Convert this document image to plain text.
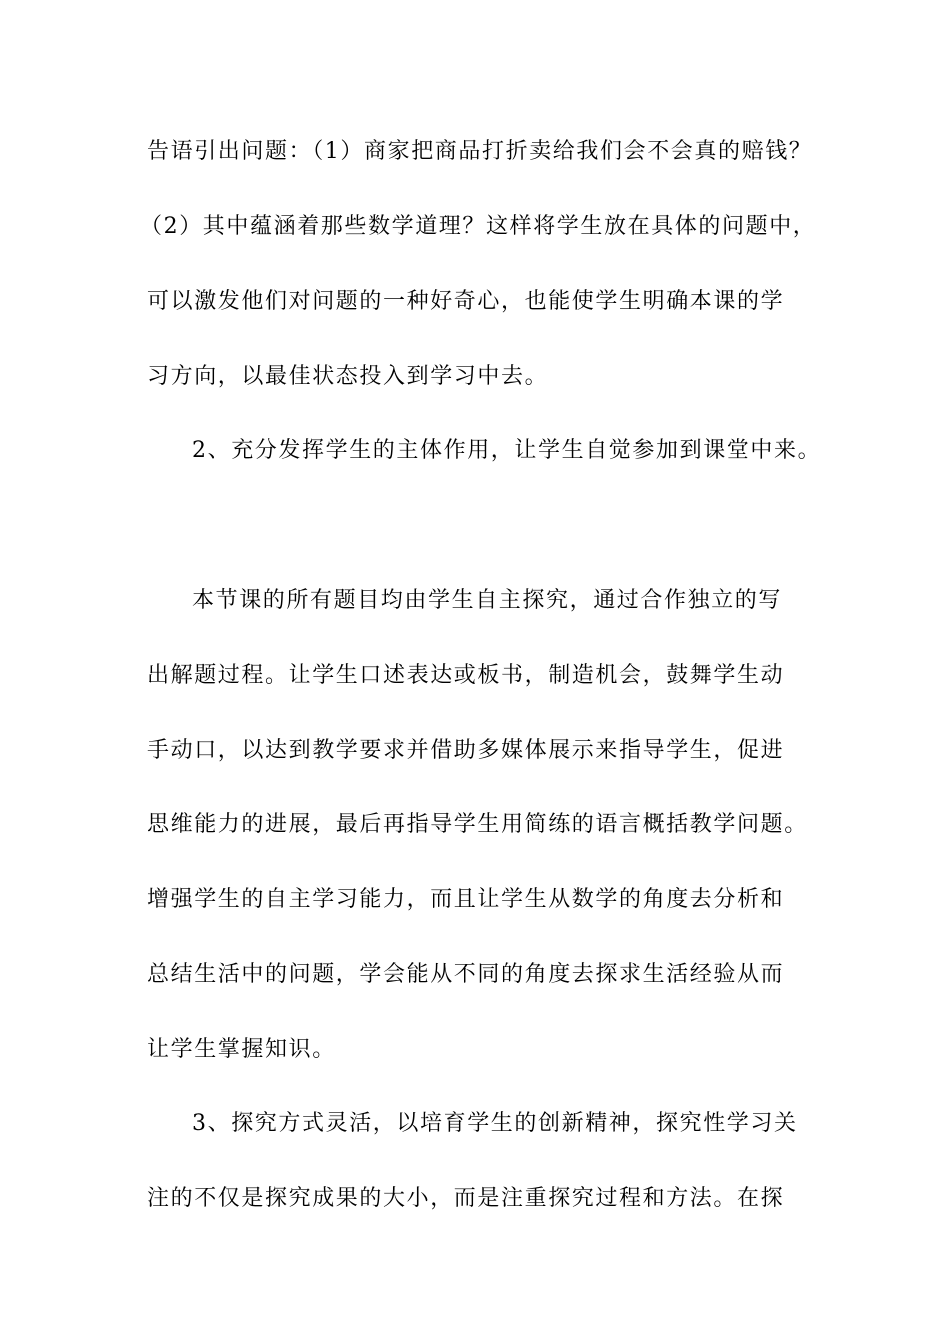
告语引出问题：（1）商家把商品打折卖给我们会不会真的赔钱？
（2）其中蕴涵着那些数学道理？这样将学生放在具体的问题中，
可以激发他们对问题的一种好奇心，也能使学生明确本课的学
习方向，以最佳状态投入到学习中去。
2、充分发挥学生的主体作用，让学生自觉参加到课堂中来。
本节课的所有题目均由学生自主探究，通过合作独立的写
出解题过程。让学生口述表达或板书，制造机会，鼓舞学生动
手动口，以达到教学要求并借助多媒体展示来指导学生，促进
思维能力的进展，最后再指导学生用简练的语言概括教学问题。
增强学生的自主学习能力，而且让学生从数学的角度去分析和
总结生活中的问题，学会能从不同的角度去探求生活经验从而
让学生掌握知识。
3、探究方式灵活，以培育学生的创新精神，探究性学习关
注的不仅是探究成果的大小，而是注重探究过程和方法。在探
